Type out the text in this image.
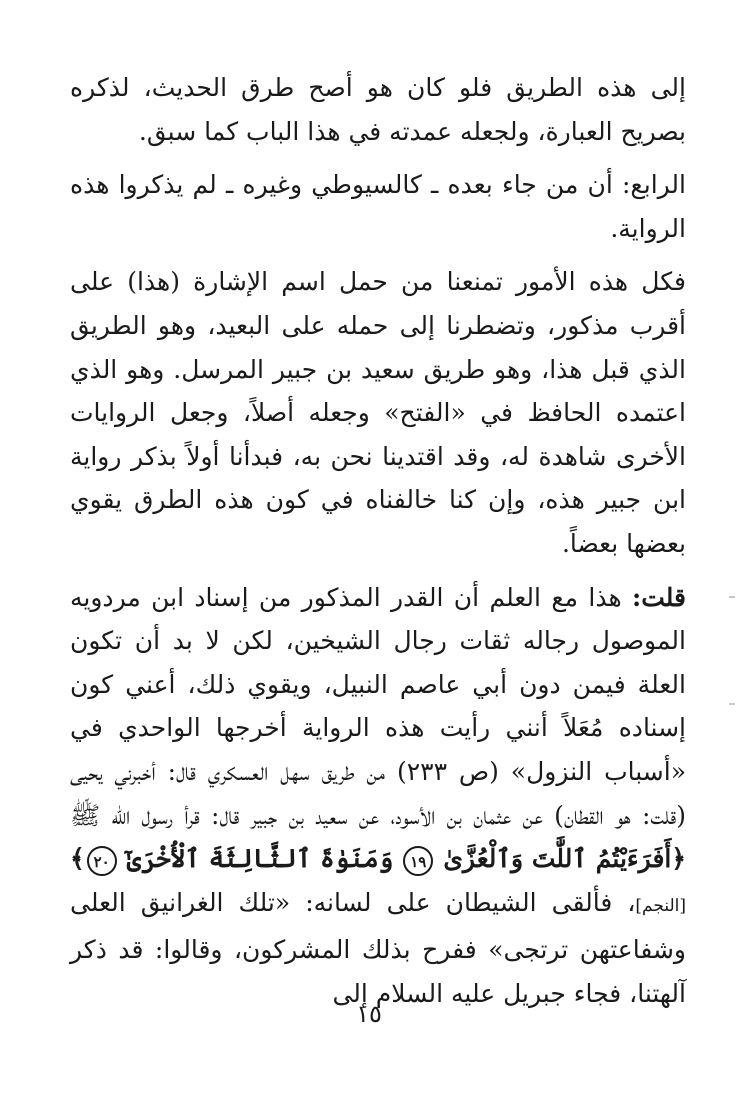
إلى هذه الطريق فلو كان هو أصح طرق الحديث، لذكره بصريح العبارة، ولجعله عمدته في هذا الباب كما سبق.

الرابع: أن من جاء بعده ـ كالسيوطي وغيره ـ لم يذكروا هذه الرواية.

فكل هذه الأمور تمنعنا من حمل اسم الإشارة (هذا) على أقرب مذكور، وتضطرنا إلى حمله على البعيد، وهو الطريق الذي قبل هذا، وهو طريق سعيد بن جبير المرسل. وهو الذي اعتمده الحافظ في «الفتح» وجعله أصلاً، وجعل الروايات الأخرى شاهدة له، وقد اقتدينا نحن به، فبدأنا أولاً بذكر رواية ابن جبير هذه، وإن كنا خالفناه في كون هذه الطرق يقوي بعضها بعضاً.

قلت: هذا مع العلم أن القدر المذكور من إسناد ابن مردويه الموصول رجاله ثقات رجال الشيخين، لكن لا بد أن تكون العلة فيمن دون أبي عاصم النبيل، ويقوي ذلك، أعني كون إسناده مُعَلاً أنني رأيت هذه الرواية أخرجها الواحدي في «أسباب النزول» (ص ٢٣٣) من طريق سهل العسكري قال: أخبرني يحيى (قلت: هو القطان) عن عثمان بن الأسود، عن سعيد بن جبير قال: قرأ رسول الله ﷺ ﴿أَفَرَءَيْتُمُ ٱللَّٰتَ وَٱلْعُزَّىٰ ١٩ وَمَنَوٰةَ ٱلثَّالِثَةَ ٱلْأُخْرَىٰٓ ٢٠﴾ [النجم]، فألقى الشيطان على لسانه: «تلك الغرانيق العلى وشفاعتهن ترتجى» ففرح بذلك المشركون، وقالوا: قد ذكر آلهتنا، فجاء جبريل عليه السلام إلى

١٥
